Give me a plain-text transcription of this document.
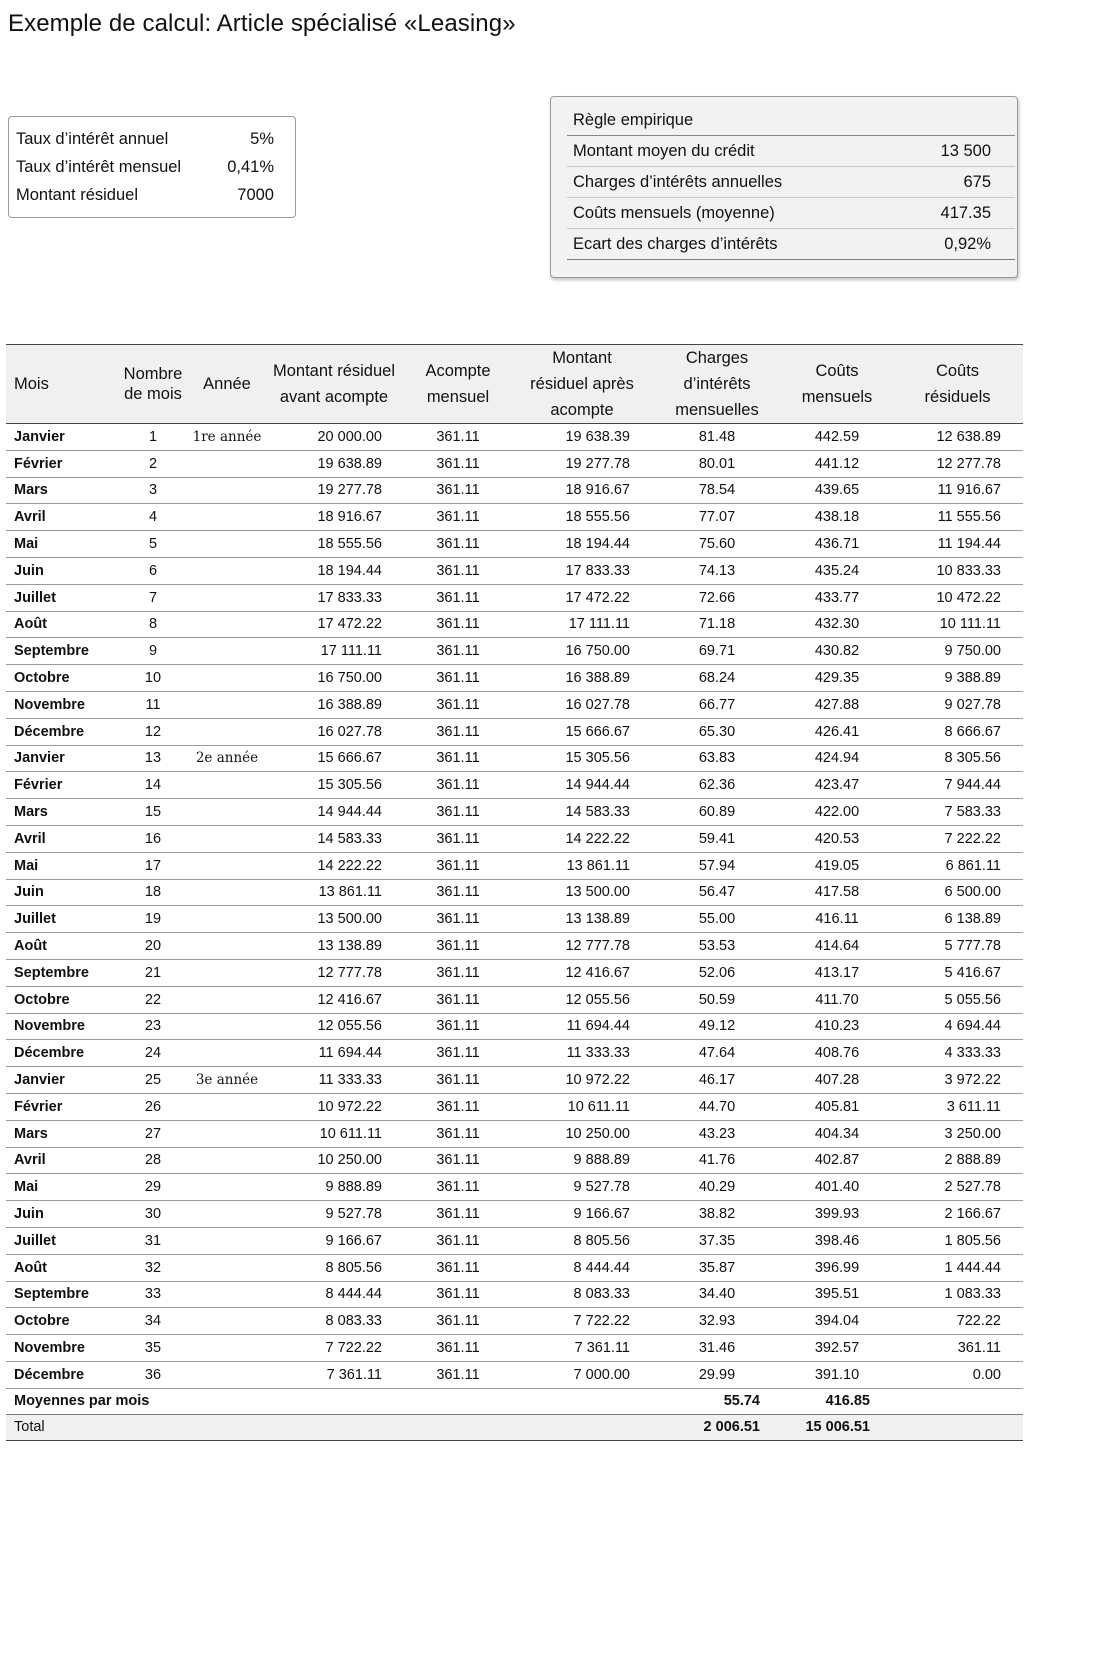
Exemple de calcul: Article spécialisé «Leasing»
Taux d’intérêt annuel	5%
Taux d’intérêt mensuel	0,41%
Montant résiduel	7000
Règle empirique	
Montant moyen du crédit	13 500
Charges d’intérêts annuelles	675
Coûts mensuels (moyenne)	417.35
Ecart des charges d’intérêts	0,92%
Mois	Nombre de mois	Année	Montant résiduel avant acompte	Acompte mensuel	Montant résiduel après acompte	Charges d’intérêts mensuelles	Coûts mensuels	Coûts résiduels
Janvier	1	1re année	20 000.00	361.11	19 638.39	81.48	442.59	12 638.89
Février	2		19 638.89	361.11	19 277.78	80.01	441.12	12 277.78
Mars	3		19 277.78	361.11	18 916.67	78.54	439.65	11 916.67
Avril	4		18 916.67	361.11	18 555.56	77.07	438.18	11 555.56
Mai	5		18 555.56	361.11	18 194.44	75.60	436.71	11 194.44
Juin	6		18 194.44	361.11	17 833.33	74.13	435.24	10 833.33
Juillet	7		17 833.33	361.11	17 472.22	72.66	433.77	10 472.22
Août	8		17 472.22	361.11	17 111.11	71.18	432.30	10 111.11
Septembre	9		17 111.11	361.11	16 750.00	69.71	430.82	9 750.00
Octobre	10		16 750.00	361.11	16 388.89	68.24	429.35	9 388.89
Novembre	11		16 388.89	361.11	16 027.78	66.77	427.88	9 027.78
Décembre	12		16 027.78	361.11	15 666.67	65.30	426.41	8 666.67
Janvier	13	2e année	15 666.67	361.11	15 305.56	63.83	424.94	8 305.56
Février	14		15 305.56	361.11	14 944.44	62.36	423.47	7 944.44
Mars	15		14 944.44	361.11	14 583.33	60.89	422.00	7 583.33
Avril	16		14 583.33	361.11	14 222.22	59.41	420.53	7 222.22
Mai	17		14 222.22	361.11	13 861.11	57.94	419.05	6 861.11
Juin	18		13 861.11	361.11	13 500.00	56.47	417.58	6 500.00
Juillet	19		13 500.00	361.11	13 138.89	55.00	416.11	6 138.89
Août	20		13 138.89	361.11	12 777.78	53.53	414.64	5 777.78
Septembre	21		12 777.78	361.11	12 416.67	52.06	413.17	5 416.67
Octobre	22		12 416.67	361.11	12 055.56	50.59	411.70	5 055.56
Novembre	23		12 055.56	361.11	11 694.44	49.12	410.23	4 694.44
Décembre	24		11 694.44	361.11	11 333.33	47.64	408.76	4 333.33
Janvier	25	3e année	11 333.33	361.11	10 972.22	46.17	407.28	3 972.22
Février	26		10 972.22	361.11	10 611.11	44.70	405.81	3 611.11
Mars	27		10 611.11	361.11	10 250.00	43.23	404.34	3 250.00
Avril	28		10 250.00	361.11	9 888.89	41.76	402.87	2 888.89
Mai	29		9 888.89	361.11	9 527.78	40.29	401.40	2 527.78
Juin	30		9 527.78	361.11	9 166.67	38.82	399.93	2 166.67
Juillet	31		9 166.67	361.11	8 805.56	37.35	398.46	1 805.56
Août	32		8 805.56	361.11	8 444.44	35.87	396.99	1 444.44
Septembre	33		8 444.44	361.11	8 083.33	34.40	395.51	1 083.33
Octobre	34		8 083.33	361.11	7 722.22	32.93	394.04	722.22
Novembre	35		7 722.22	361.11	7 361.11	31.46	392.57	361.11
Décembre	36		7 361.11	361.11	7 000.00	29.99	391.10	0.00
Moyennes par mois						55.74	416.85	
Total						2 006.51	15 006.51	
